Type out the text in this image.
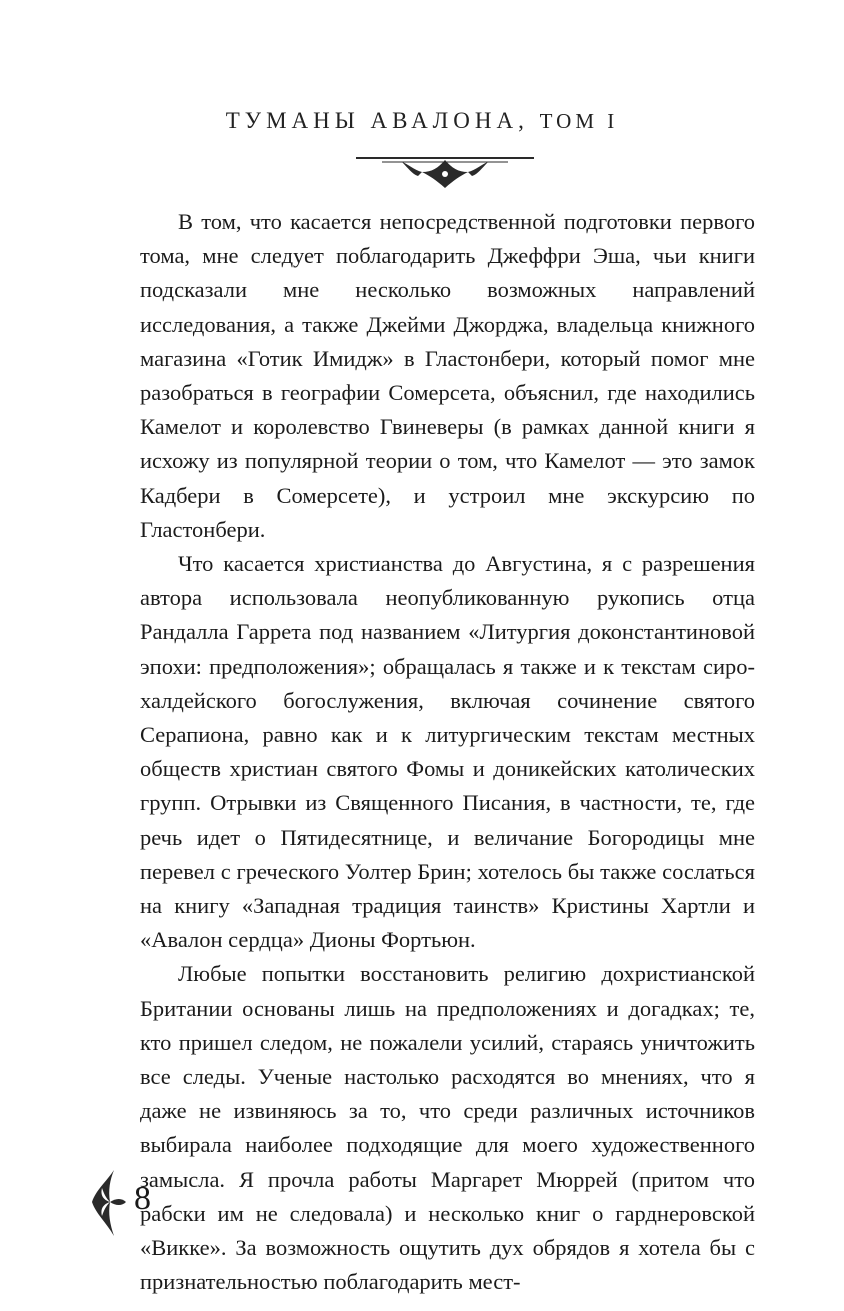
ТУМАНЫ АВАЛОНА, ТОМ I

В том, что касается непосредственной подготовки первого тома, мне следует поблагодарить Джеффри Эша, чьи книги подсказали мне несколько возможных направлений исследования, а также Джейми Джорджа, владельца книжного магазина «Готик Имидж» в Гластонбери, который помог мне разобраться в географии Сомерсета, объяснил, где находились Камелот и королевство Гвиневеры (в рамках данной книги я исхожу из популярной теории о том, что Камелот — это замок Кадбери в Сомерсете), и устроил мне экскурсию по Гластонбери.

Что касается христианства до Августина, я с разрешения автора использовала неопубликованную рукопись отца Рандалла Гаррета под названием «Литургия доконстантиновой эпохи: предположения»; обращалась я также и к текстам сиро-халдейского богослужения, включая сочинение святого Серапиона, равно как и к литургическим текстам местных обществ христиан святого Фомы и доникейских католических групп. Отрывки из Священного Писания, в частности, те, где речь идет о Пятидесятнице, и величание Богородицы мне перевел с греческого Уолтер Брин; хотелось бы также сослаться на книгу «Западная традиция таинств» Кристины Хартли и «Авалон сердца» Дионы Фортьюн.

Любые попытки восстановить религию дохристианской Британии основаны лишь на предположениях и догадках; те, кто пришел следом, не пожалели усилий, стараясь уничтожить все следы. Ученые настолько расходятся во мнениях, что я даже не извиняюсь за то, что среди различных источников выбирала наиболее подходящие для моего художественного замысла. Я прочла работы Маргарет Мюррей (притом что рабски им не следовала) и несколько книг о гарднеровской «Викке». За возможность ощутить дух обрядов я хотела бы с признательностью поблагодарить мест-

8
